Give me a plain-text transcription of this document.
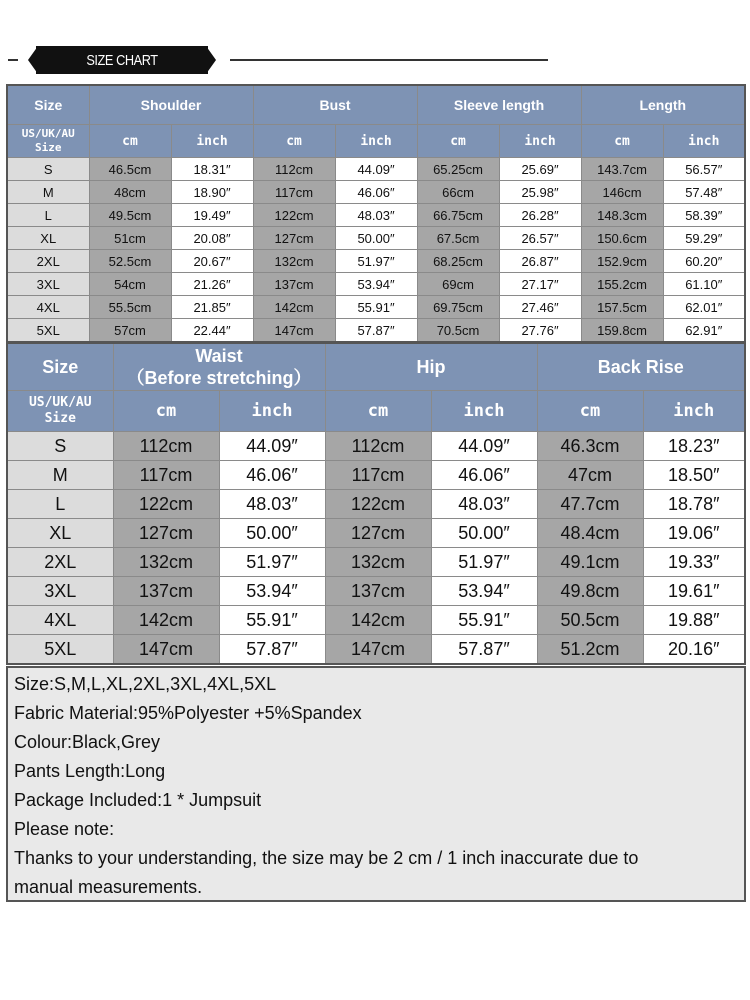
SIZE CHART
Size	Shoulder		Bust		Sleeve length		Length	

US/UK/AU
Size	cm	inch	cm	inch	cm	inch	cm	inch
S	46.5cm	18.31″	112cm	44.09″	65.25cm	25.69″	143.7cm	56.57″
M	48cm	18.90″	117cm	46.06″	66cm	25.98″	146cm	57.48″
L	49.5cm	19.49″	122cm	48.03″	66.75cm	26.28″	148.3cm	58.39″
XL	51cm	20.08″	127cm	50.00″	67.5cm	26.57″	150.6cm	59.29″
2XL	52.5cm	20.67″	132cm	51.97″	68.25cm	26.87″	152.9cm	60.20″
3XL	54cm	21.26″	137cm	53.94″	69cm	27.17″	155.2cm	61.10″
4XL	55.5cm	21.85″	142cm	55.91″	69.75cm	27.46″	157.5cm	62.01″
5XL	57cm	22.44″	147cm	57.87″	70.5cm	27.76″	159.8cm	62.91″
Size	Waist
（Before stretching）		Hip		Back Rise	

US/UK/AU
Size	cm	inch	cm	inch	cm	inch
S	112cm	44.09″	112cm	44.09″	46.3cm	18.23″
M	117cm	46.06″	117cm	46.06″	47cm	18.50″
L	122cm	48.03″	122cm	48.03″	47.7cm	18.78″
XL	127cm	50.00″	127cm	50.00″	48.4cm	19.06″
2XL	132cm	51.97″	132cm	51.97″	49.1cm	19.33″
3XL	137cm	53.94″	137cm	53.94″	49.8cm	19.61″
4XL	142cm	55.91″	142cm	55.91″	50.5cm	19.88″
5XL	147cm	57.87″	147cm	57.87″	51.2cm	20.16″
Size:S,M,L,XL,2XL,3XL,4XL,5XL
Fabric Material:95%Polyester +5%Spandex
Colour:Black,Grey
Pants Length:Long
Package Included:1 * Jumpsuit
Please note:
Thanks to your understanding, the size may be 2 cm / 1 inch inaccurate due to
manual measurements.
